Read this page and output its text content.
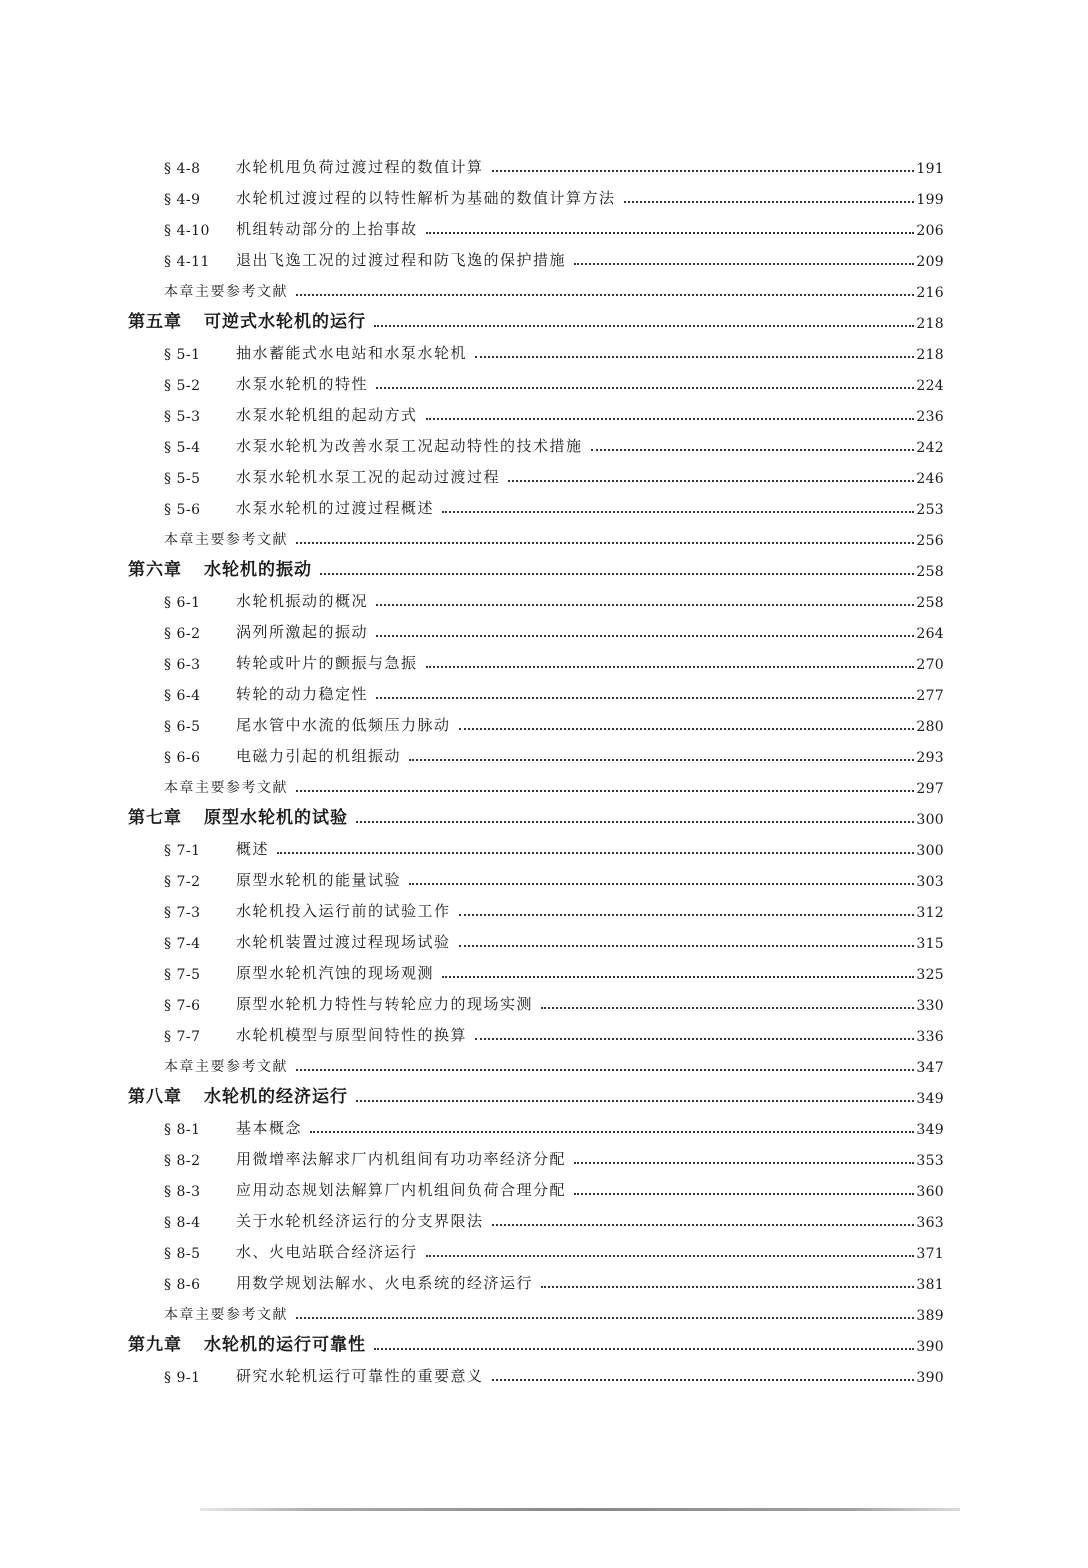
§ 4-8	水轮机甩负荷过渡过程的数值计算	191
§ 4-9	水轮机过渡过程的以特性解析为基础的数值计算方法	199
§ 4-10	机组转动部分的上抬事故	206
§ 4-11	退出飞逸工况的过渡过程和防飞逸的保护措施	209
本章主要参考文献	216
第五章 可逆式水轮机的运行	218
§ 5-1	抽水蓄能式水电站和水泵水轮机	218
§ 5-2	水泵水轮机的特性	224
§ 5-3	水泵水轮机组的起动方式	236
§ 5-4	水泵水轮机为改善水泵工况起动特性的技术措施	242
§ 5-5	水泵水轮机水泵工况的起动过渡过程	246
§ 5-6	水泵水轮机的过渡过程概述	253
本章主要参考文献	256
第六章 水轮机的振动	258
§ 6-1	水轮机振动的概况	258
§ 6-2	涡列所激起的振动	264
§ 6-3	转轮或叶片的颤振与急振	270
§ 6-4	转轮的动力稳定性	277
§ 6-5	尾水管中水流的低频压力脉动	280
§ 6-6	电磁力引起的机组振动	293
本章主要参考文献	297
第七章 原型水轮机的试验	300
§ 7-1	概述	300
§ 7-2	原型水轮机的能量试验	303
§ 7-3	水轮机投入运行前的试验工作	312
§ 7-4	水轮机装置过渡过程现场试验	315
§ 7-5	原型水轮机汽蚀的现场观测	325
§ 7-6	原型水轮机力特性与转轮应力的现场实测	330
§ 7-7	水轮机模型与原型间特性的换算	336
本章主要参考文献	347
第八章 水轮机的经济运行	349
§ 8-1	基本概念	349
§ 8-2	用微增率法解求厂内机组间有功功率经济分配	353
§ 8-3	应用动态规划法解算厂内机组间负荷合理分配	360
§ 8-4	关于水轮机经济运行的分支界限法	363
§ 8-5	水、火电站联合经济运行	371
§ 8-6	用数学规划法解水、火电系统的经济运行	381
本章主要参考文献	389
第九章 水轮机的运行可靠性	390
§ 9-1	研究水轮机运行可靠性的重要意义	390
